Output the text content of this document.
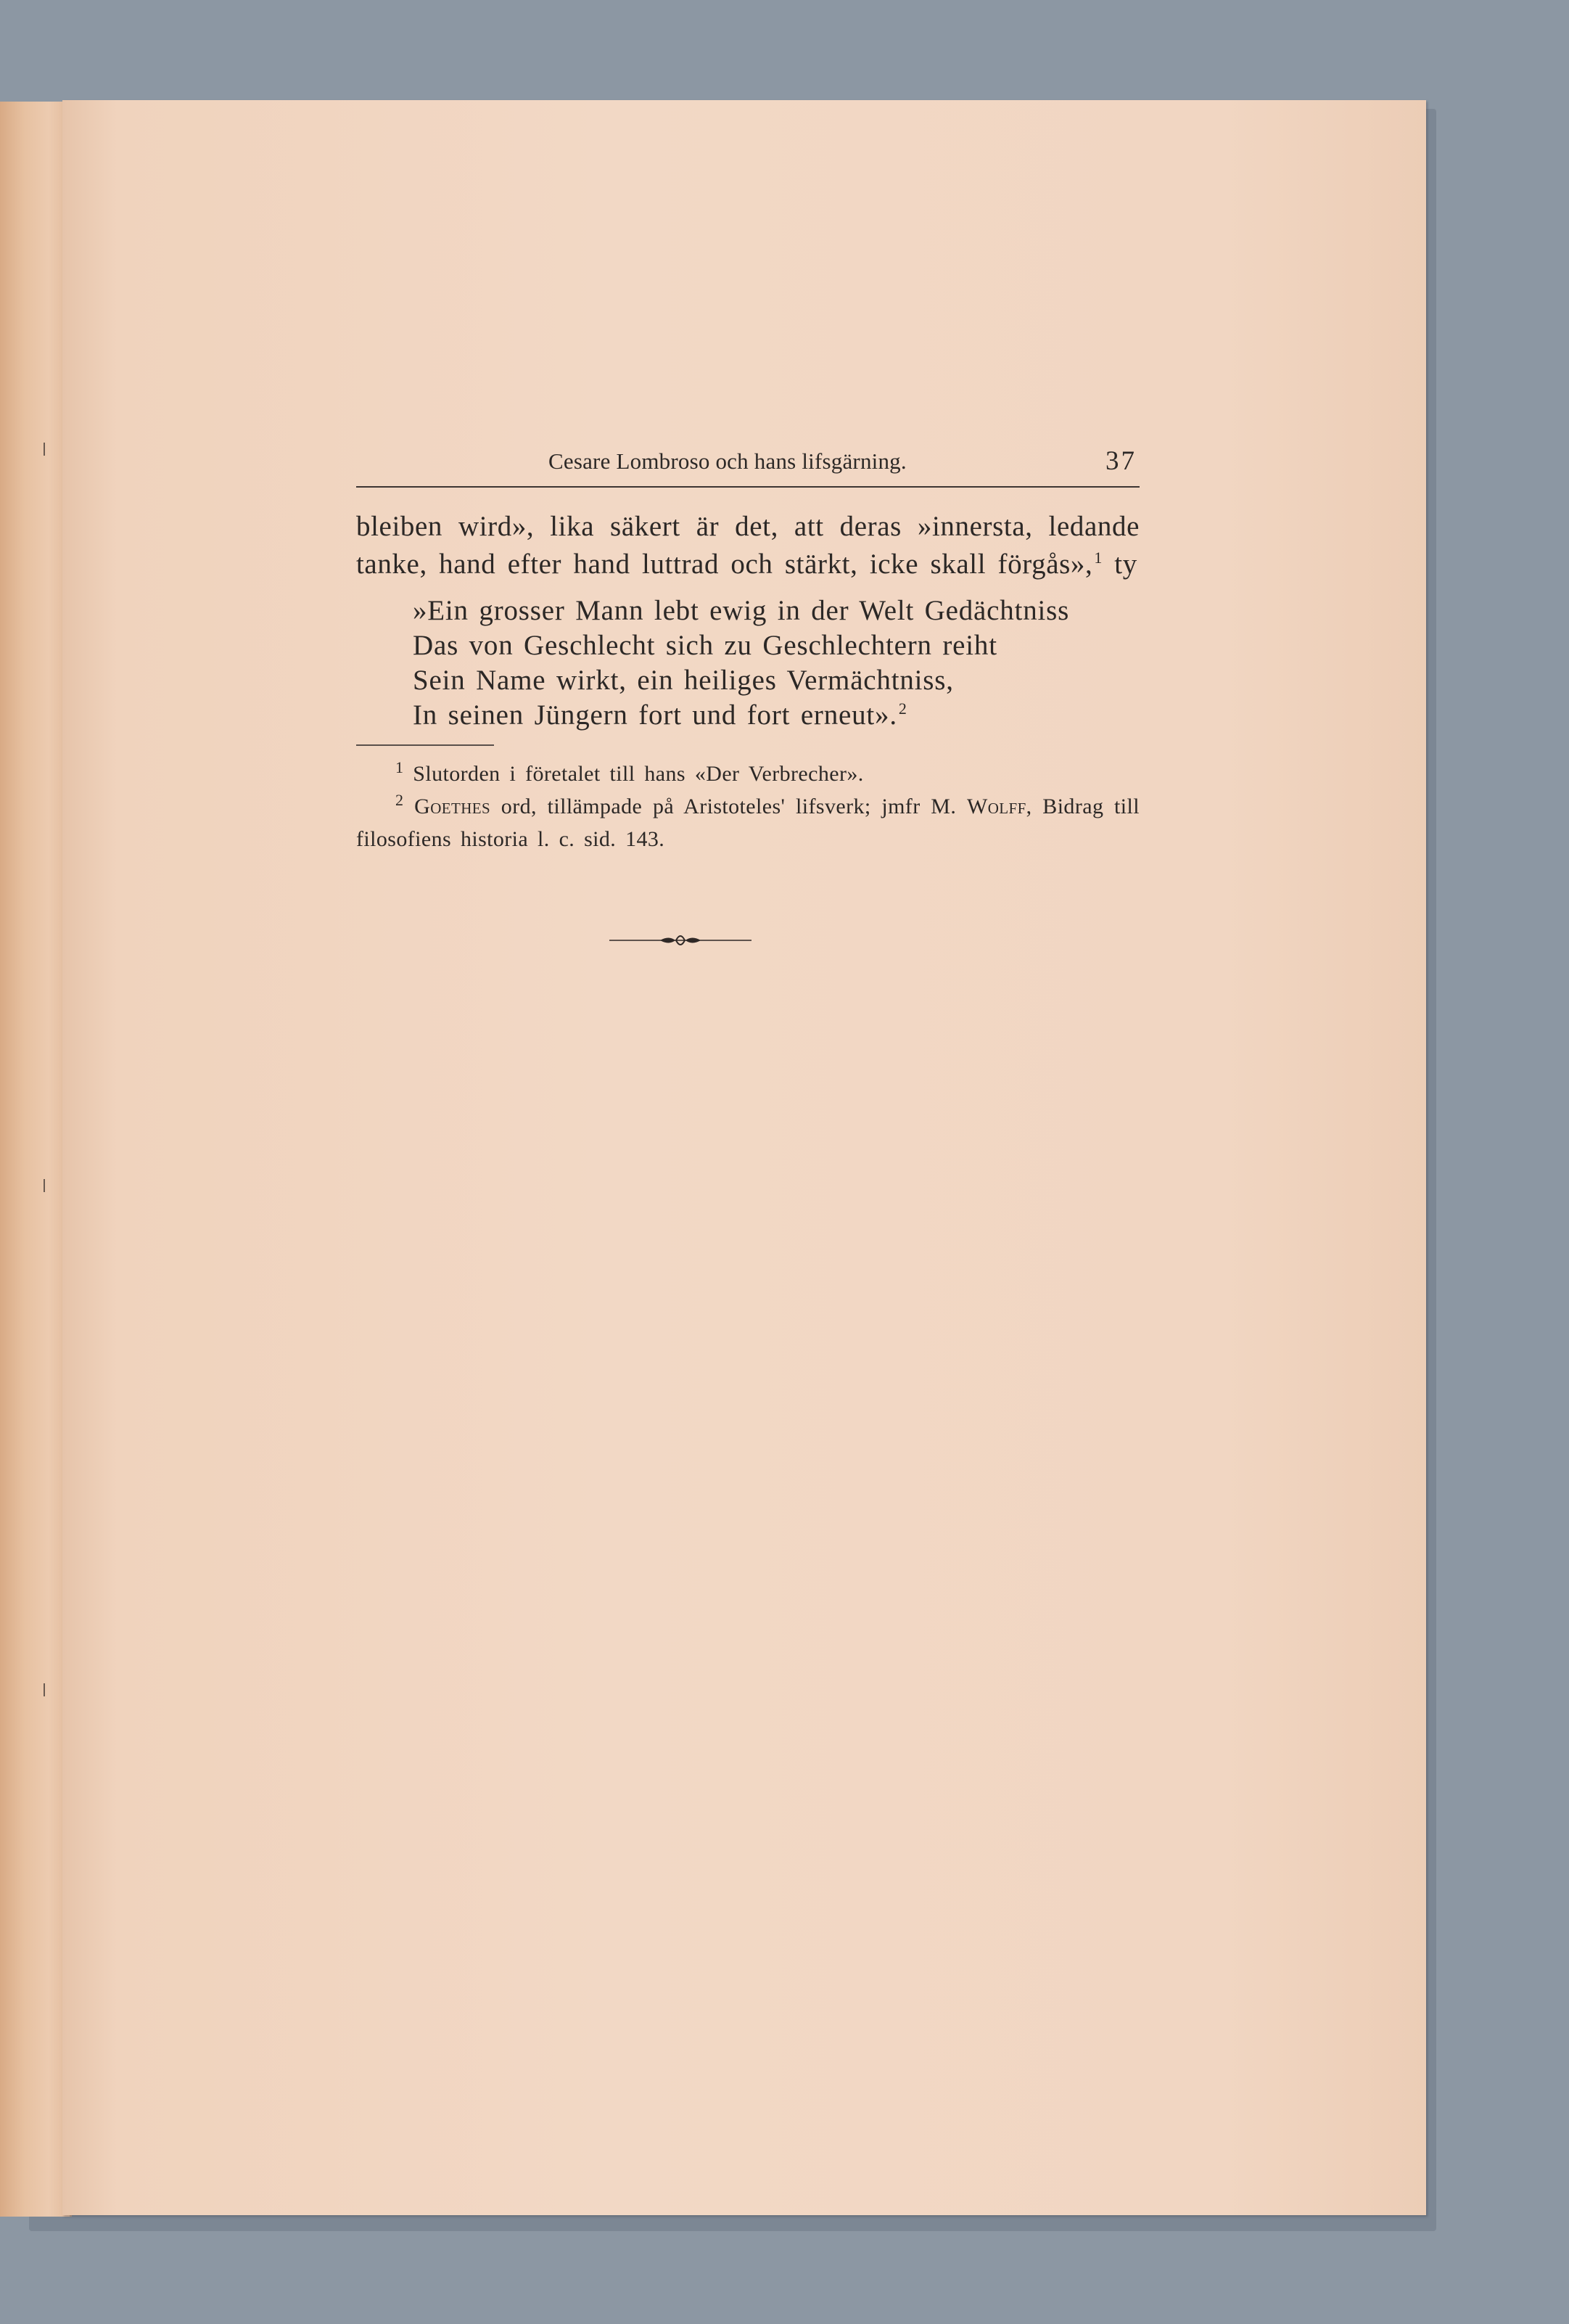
Cesare Lombroso och hans lifsgärning.	37

bleiben wird», lika säkert är det, att deras »innersta, ledande tanke, hand efter hand luttrad och stärkt, icke skall förgås»,$^1$ ty

»Ein grosser Mann lebt ewig in der Welt Gedächtniss
Das von Geschlecht sich zu Geschlechtern reiht
Sein Name wirkt, ein heiliges Vermächtniss,
In seinen Jüngern fort und fort erneut».$^2$
$^1$ Slutorden i företalet till hans «Der Verbrecher».
$^2$ Goethes ord, tillämpade på Aristoteles' lifsverk; jmfr M. Wolff, Bidrag till filosofiens historia l. c. sid. 143.
